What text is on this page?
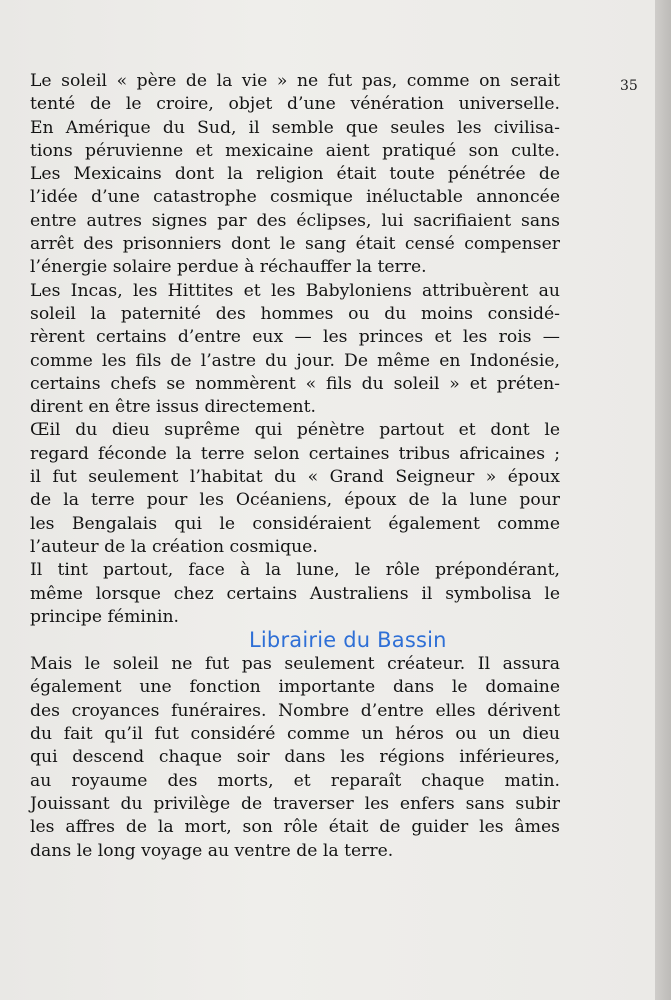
35

Le soleil « père de la vie » ne fut pas, comme on serait
tenté de le croire, objet d’une vénération universelle.
En Amérique du Sud, il semble que seules les civilisa-
tions péruvienne et mexicaine aient pratiqué son culte.
Les Mexicains dont la religion était toute pénétrée de
l’idée d’une catastrophe cosmique inéluctable annoncée
entre autres signes par des éclipses, lui sacrifiaient sans
arrêt des prisonniers dont le sang était censé compenser
l’énergie solaire perdue à réchauffer la terre.

Les Incas, les Hittites et les Babyloniens attribuèrent au
soleil la paternité des hommes ou du moins considé-
rèrent certains d’entre eux — les princes et les rois —
comme les fils de l’astre du jour. De même en Indonésie,
certains chefs se nommèrent « fils du soleil » et préten-
dirent en être issus directement.

Œil du dieu suprême qui pénètre partout et dont le
regard féconde la terre selon certaines tribus africaines ;
il fut seulement l’habitat du « Grand Seigneur » époux
de la terre pour les Océaniens, époux de la lune pour
les Bengalais qui le considéraient également comme
l’auteur de la création cosmique.

Il tint partout, face à la lune, le rôle prépondérant,
même lorsque chez certains Australiens il symbolisa le
principe féminin.

Mais le soleil ne fut pas seulement créateur. Il assura
également une fonction importante dans le domaine
des croyances funéraires. Nombre d’entre elles dérivent
du fait qu’il fut considéré comme un héros ou un dieu
qui descend chaque soir dans les régions inférieures,
au royaume des morts, et reparaît chaque matin.
Jouissant du privilège de traverser les enfers sans subir
les affres de la mort, son rôle était de guider les âmes
dans le long voyage au ventre de la terre.

Librairie du Bassin
